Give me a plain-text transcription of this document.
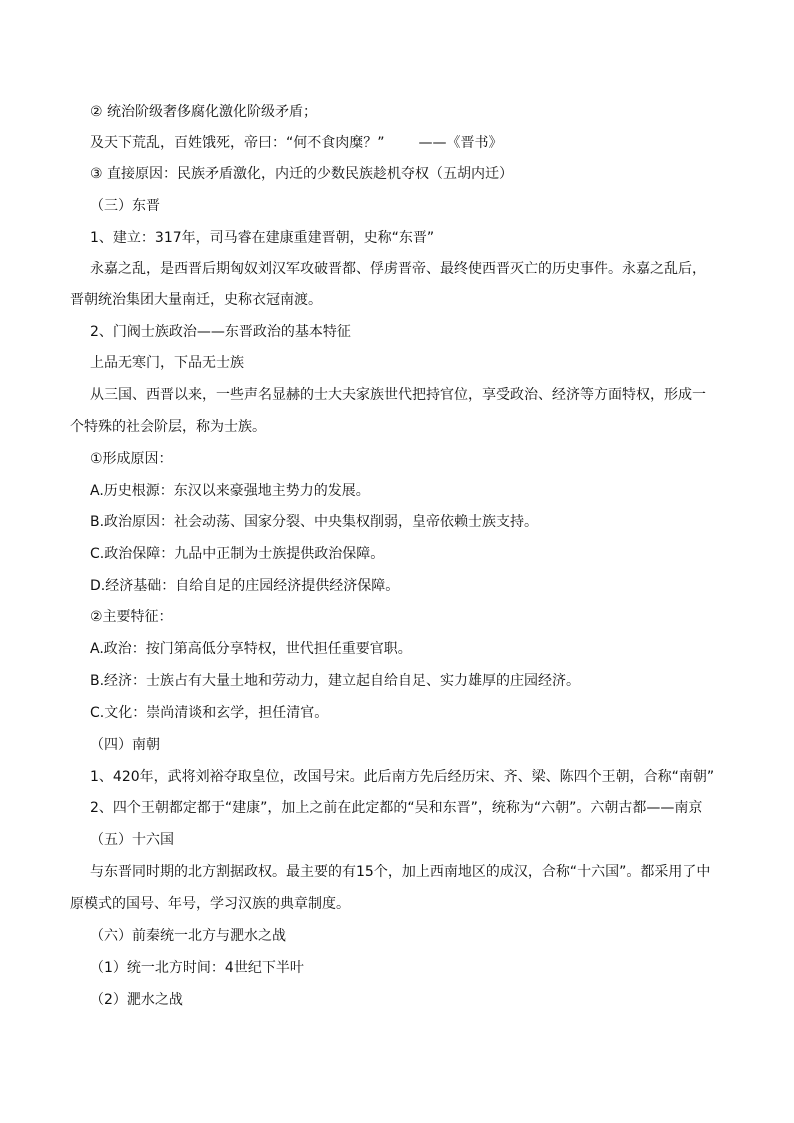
② 统治阶级奢侈腐化激化阶级矛盾；
及天下荒乱，百姓饿死，帝曰：“何不食肉糜？” ——《晋书》
③ 直接原因：民族矛盾激化，内迁的少数民族趁机夺权（五胡内迁）
（三）东晋
1、建立：317年，司马睿在建康重建晋朝，史称“东晋”
永嘉之乱，是西晋后期匈奴刘汉军攻破晋都、俘虏晋帝、最终使西晋灭亡的历史事件。永嘉之乱后，
晋朝统治集团大量南迁，史称衣冠南渡。
2、门阀士族政治——东晋政治的基本特征
上品无寒门，下品无士族
从三国、西晋以来，一些声名显赫的士大夫家族世代把持官位，享受政治、经济等方面特权，形成一
个特殊的社会阶层，称为士族。
①形成原因：
A.历史根源：东汉以来豪强地主势力的发展。
B.政治原因：社会动荡、国家分裂、中央集权削弱，皇帝依赖士族支持。
C.政治保障：九品中正制为士族提供政治保障。
D.经济基础：自给自足的庄园经济提供经济保障。
②主要特征：
A.政治：按门第高低分享特权，世代担任重要官职。
B.经济：士族占有大量土地和劳动力，建立起自给自足、实力雄厚的庄园经济。
C.文化：崇尚清谈和玄学，担任清官。
（四）南朝
1、420年，武将刘裕夺取皇位，改国号宋。此后南方先后经历宋、齐、梁、陈四个王朝，合称“南朝”
2、四个王朝都定都于“建康”，加上之前在此定都的“吴和东晋”，统称为“六朝”。六朝古都——南京
（五）十六国
与东晋同时期的北方割据政权。最主要的有15个，加上西南地区的成汉，合称“十六国”。都采用了中
原模式的国号、年号，学习汉族的典章制度。
（六）前秦统一北方与淝水之战
（1）统一北方时间：4世纪下半叶
（2）淝水之战
